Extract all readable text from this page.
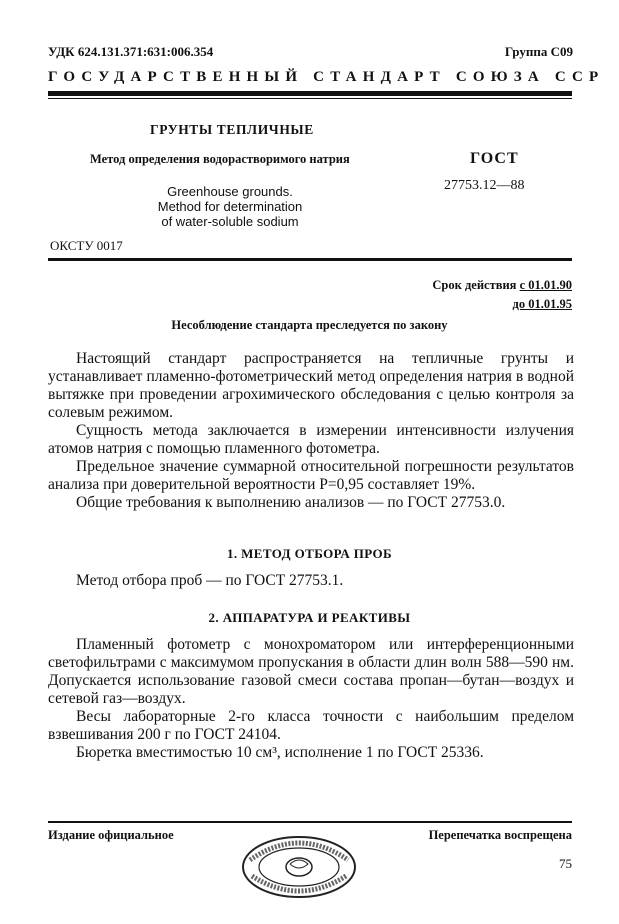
УДК 624.131.371:631:006.354	Группа С09
ГОСУДАРСТВЕННЫЙ СТАНДАРТ СОЮЗА ССР
ГРУНТЫ ТЕПЛИЧНЫЕ
Метод определения водорастворимого натрия
Greenhouse grounds.
Method for determination
of water-soluble sodium
ГОСТ
27753.12—88
ОКСТУ 0017
Срок действия с 01.01.90
до 01.01.95
Несоблюдение стандарта преследуется по закону

Настоящий стандарт распространяется на тепличные грунты и устанавливает пламенно-фотометрический метод определения натрия в водной вытяжке при проведении агрохимического обследования с целью контроля за солевым режимом.

Сущность метода заключается в измерении интенсивности излучения атомов натрия с помощью пламенного фотометра.

Предельное значение суммарной относительной погрешности результатов анализа при доверительной вероятности P=0,95 составляет 19%.

Общие требования к выполнению анализов — по ГОСТ 27753.0.

1. МЕТОД ОТБОРА ПРОБ

Метод отбора проб — по ГОСТ 27753.1.

2. АППАРАТУРА И РЕАКТИВЫ

Пламенный фотометр с монохроматором или интерференционными светофильтрами с максимумом пропускания в области длин волн 588—590 нм. Допускается использование газовой смеси состава пропан—бутан—воздух и сетевой газ—воздух.

Весы лабораторные 2-го класса точности с наибольшим пределом взвешивания 200 г по ГОСТ 24104.

Бюретка вместимостью 10 см³, исполнение 1 по ГОСТ 25336.

Издание официальное	Перепечатка воспрещена
75
